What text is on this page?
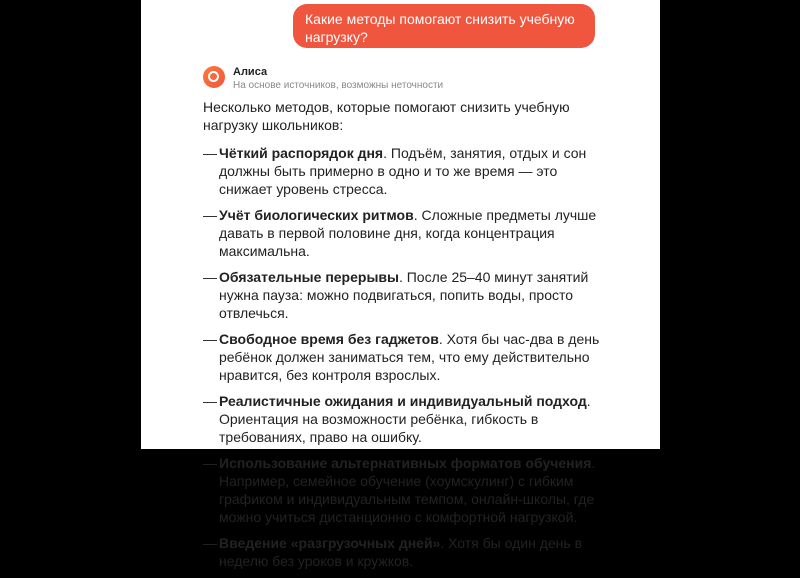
Какие методы помогают снизить учебную
нагрузку?
Алиса
На основе источников, возможны неточности

Несколько методов, которые помогают снизить учебную нагрузку школьников:

— Чёткий распорядок дня. Подъём, занятия, отдых и сон должны быть примерно в одно и то же время — это снижает уровень стресса.
— Учёт биологических ритмов. Сложные предметы лучше давать в первой половине дня, когда концентрация максимальна.
— Обязательные перерывы. После 25–40 минут занятий нужна пауза: можно подвигаться, попить воды, просто отвлечься.
— Свободное время без гаджетов. Хотя бы час-два в день ребёнок должен заниматься тем, что ему действительно нравится, без контроля взрослых.
— Реалистичные ожидания и индивидуальный подход. Ориентация на возможности ребёнка, гибкость в требованиях, право на ошибку.
— Использование альтернативных форматов обучения. Например, семейное обучение (хоумскулинг) с гибким графиком и индивидуальным темпом, онлайн-школы, где можно учиться дистанционно с комфортной нагрузкой.
— Введение «разгрузочных дней». Хотя бы один день в неделю без уроков и кружков.
